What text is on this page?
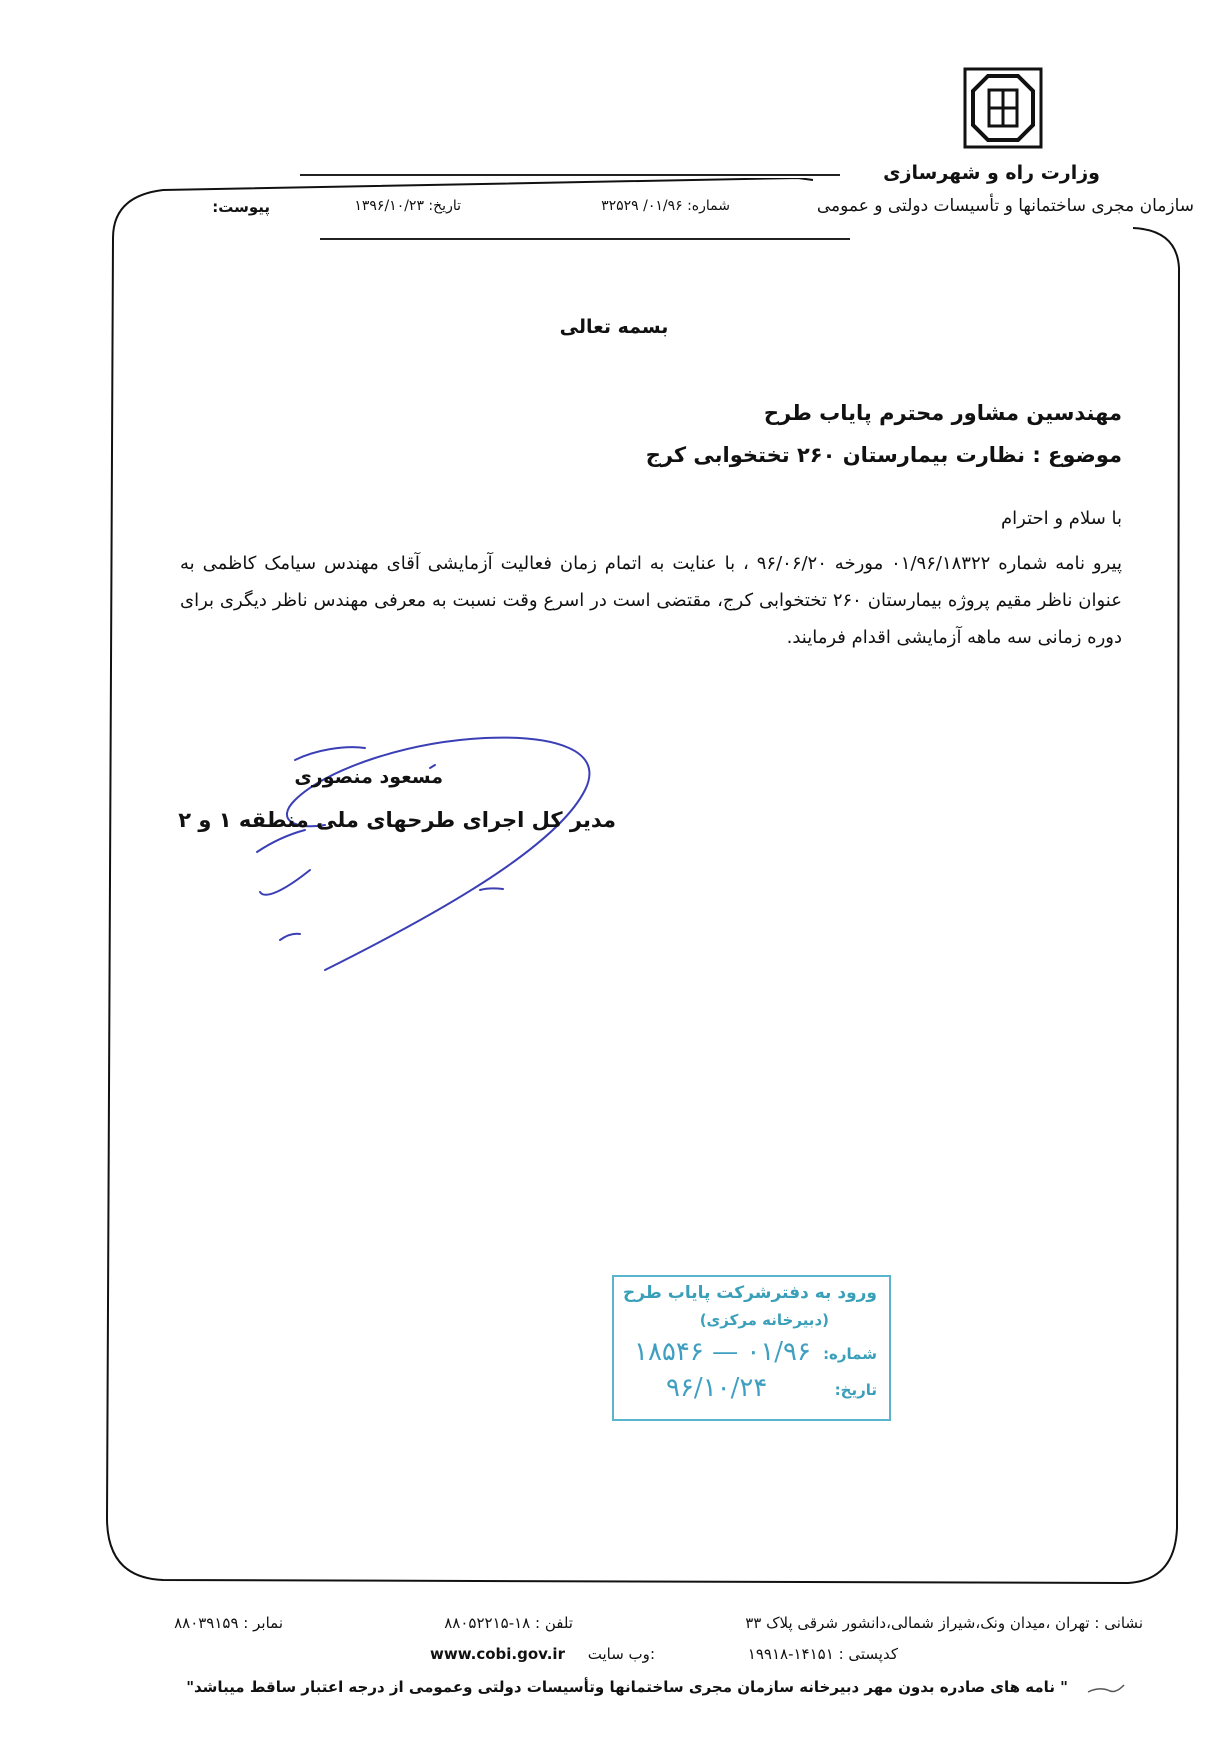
وزارت راه و شهرسازی
سازمان مجری ساختمانها و تأسیسات دولتی و عمومی
شماره: ۰۱/۹۶/ ۳۲۵۲۹
تاریخ: ۱۳۹۶/۱۰/۲۳
پیوست:
بسمه تعالی
مهندسین مشاور محترم پایاب طرح
موضوع : نظارت بیمارستان ۲۶۰ تختخوابی کرج
با سلام و احترام
پیرو نامه شماره ۰۱/۹۶/۱۸۳۲۲ مورخه ۹۶/۰۶/۲۰ ، با عنایت به اتمام زمان فعالیت آزمایشی آقای مهندس سیامک کاظمی به عنوان ناظر مقیم پروژه بیمارستان ۲۶۰ تختخوابی کرج، مقتضی است در اسرع وقت نسبت به معرفی مهندس ناظر دیگری برای دوره زمانی سه ماهه آزمایشی اقدام فرمایند.
مسعود منصوری
مدیر کل اجرای طرحهای ملی منطقه ۱ و ۲
ورود به دفترشرکت پایاب طرح
(دبیرخانه مرکزی)
شماره:
تاریخ:
۱۸۵۴۶ — ۰۱/۹۶
۹۶/۱۰/۲۴
نشانی : تهران ،میدان ونک،شیراز شمالی،دانشور شرقی پلاک ۳۳
کدپستی : ۱۴۱۵۱-۱۹۹۱۸
تلفن : ۱۸-۸۸۰۵۲۲۱۵
www.cobi.gov.ir وب سایت:
نمابر : ۸۸۰۳۹۱۵۹
" نامه های صادره بدون مهر دبیرخانه سازمان مجری ساختمانها وتأسیسات دولتی وعمومی از درجه اعتبار ساقط میباشد"
